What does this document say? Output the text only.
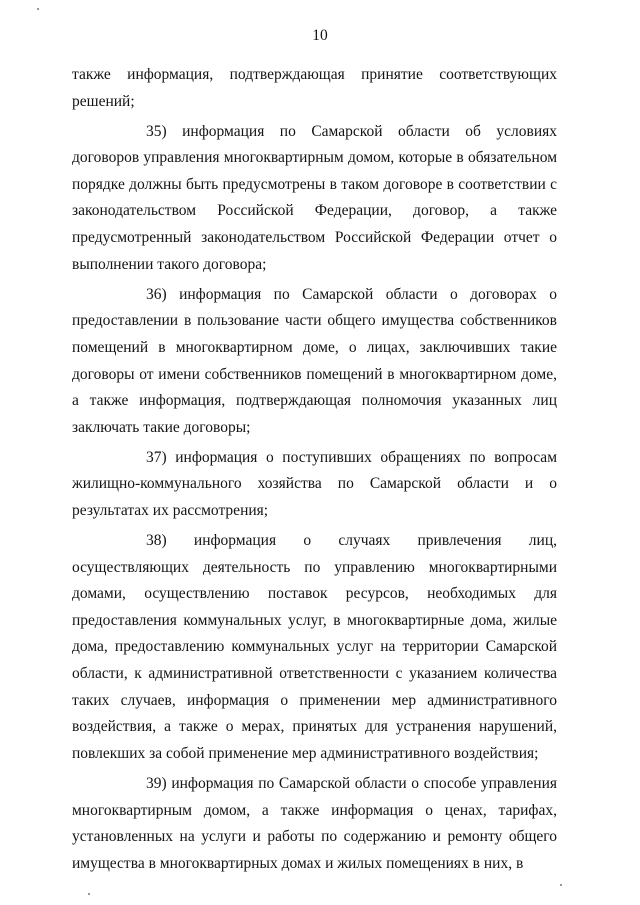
10

также информация, подтверждающая принятие соответствующих решений;

35) информация по Самарской области об условиях договоров управления многоквартирным домом, которые в обязательном порядке должны быть предусмотрены в таком договоре в соответствии с законодательством Российской Федерации, договор, а также предусмотренный законодательством Российской Федерации отчет о выполнении такого договора;

36) информация по Самарской области о договорах о предоставлении в пользование части общего имущества собственников помещений в многоквартирном доме, о лицах, заключивших такие договоры от имени собственников помещений в многоквартирном доме, а также информация, подтверждающая полномочия указанных лиц заключать такие договоры;

37) информация о поступивших обращениях по вопросам жилищно-коммунального хозяйства по Самарской области и о результатах их рассмотрения;

38) информация о случаях привлечения лиц, осуществляющих деятельность по управлению многоквартирными домами, осуществлению поставок ресурсов, необходимых для предоставления коммунальных услуг, в многоквартирные дома, жилые дома, предоставлению коммунальных услуг на территории Самарской области, к административной ответственности с указанием количества таких случаев, информация о применении мер административного воздействия, а также о мерах, принятых для устранения нарушений, повлекших за собой применение мер административного воздействия;

39) информация по Самарской области о способе управления многоквартирным домом, а также информация о ценах, тарифах, установленных на услуги и работы по содержанию и ремонту общего имущества в многоквартирных домах и жилых помещениях в них, в
